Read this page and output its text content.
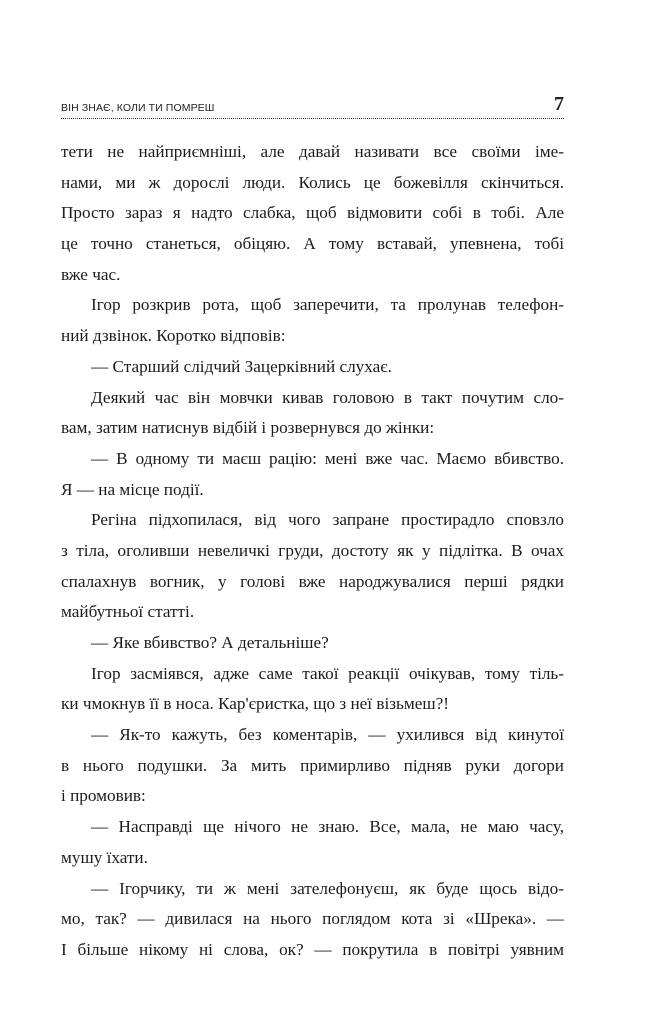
ВІН ЗНАЄ, КОЛИ ТИ ПОМРЕШ	7
тети не найприємніші, але давай називати все своїми іме-
нами, ми ж дорослі люди. Колись це божевілля скінчиться.
Просто зараз я надто слабка, щоб відмовити собі в тобі. Але
це точно станеться, обіцяю. А тому вставай, упевнена, тобі
вже час.
Ігор розкрив рота, щоб заперечити, та пролунав телефон-
ний дзвінок. Коротко відповів:
— Старший слідчий Зацерківний слухає.
Деякий час він мовчки кивав головою в такт почутим сло-
вам, затим натиснув відбій і розвернувся до жінки:
— В одному ти маєш рацію: мені вже час. Маємо вбивство.
Я — на місце події.
Регіна підхопилася, від чого запране простирадло сповзло
з тіла, оголивши невеличкі груди, достоту як у підлітка. В очах
спалахнув вогник, у голові вже народжувалися перші рядки
майбутньої статті.
— Яке вбивство? А детальніше?
Ігор засміявся, адже саме такої реакції очікував, тому тіль-
ки чмокнув її в носа. Кар'єристка, що з неї візьмеш?!
— Як-то кажуть, без коментарів, — ухилився від кинутої
в нього подушки. За мить примирливо підняв руки догори
і промовив:
— Насправді ще нічого не знаю. Все, мала, не маю часу,
мушу їхати.
— Ігорчику, ти ж мені зателефонуєш, як буде щось відо-
мо, так? — дивилася на нього поглядом кота зі «Шрека». —
І більше нікому ні слова, ок? — покрутила в повітрі уявним
